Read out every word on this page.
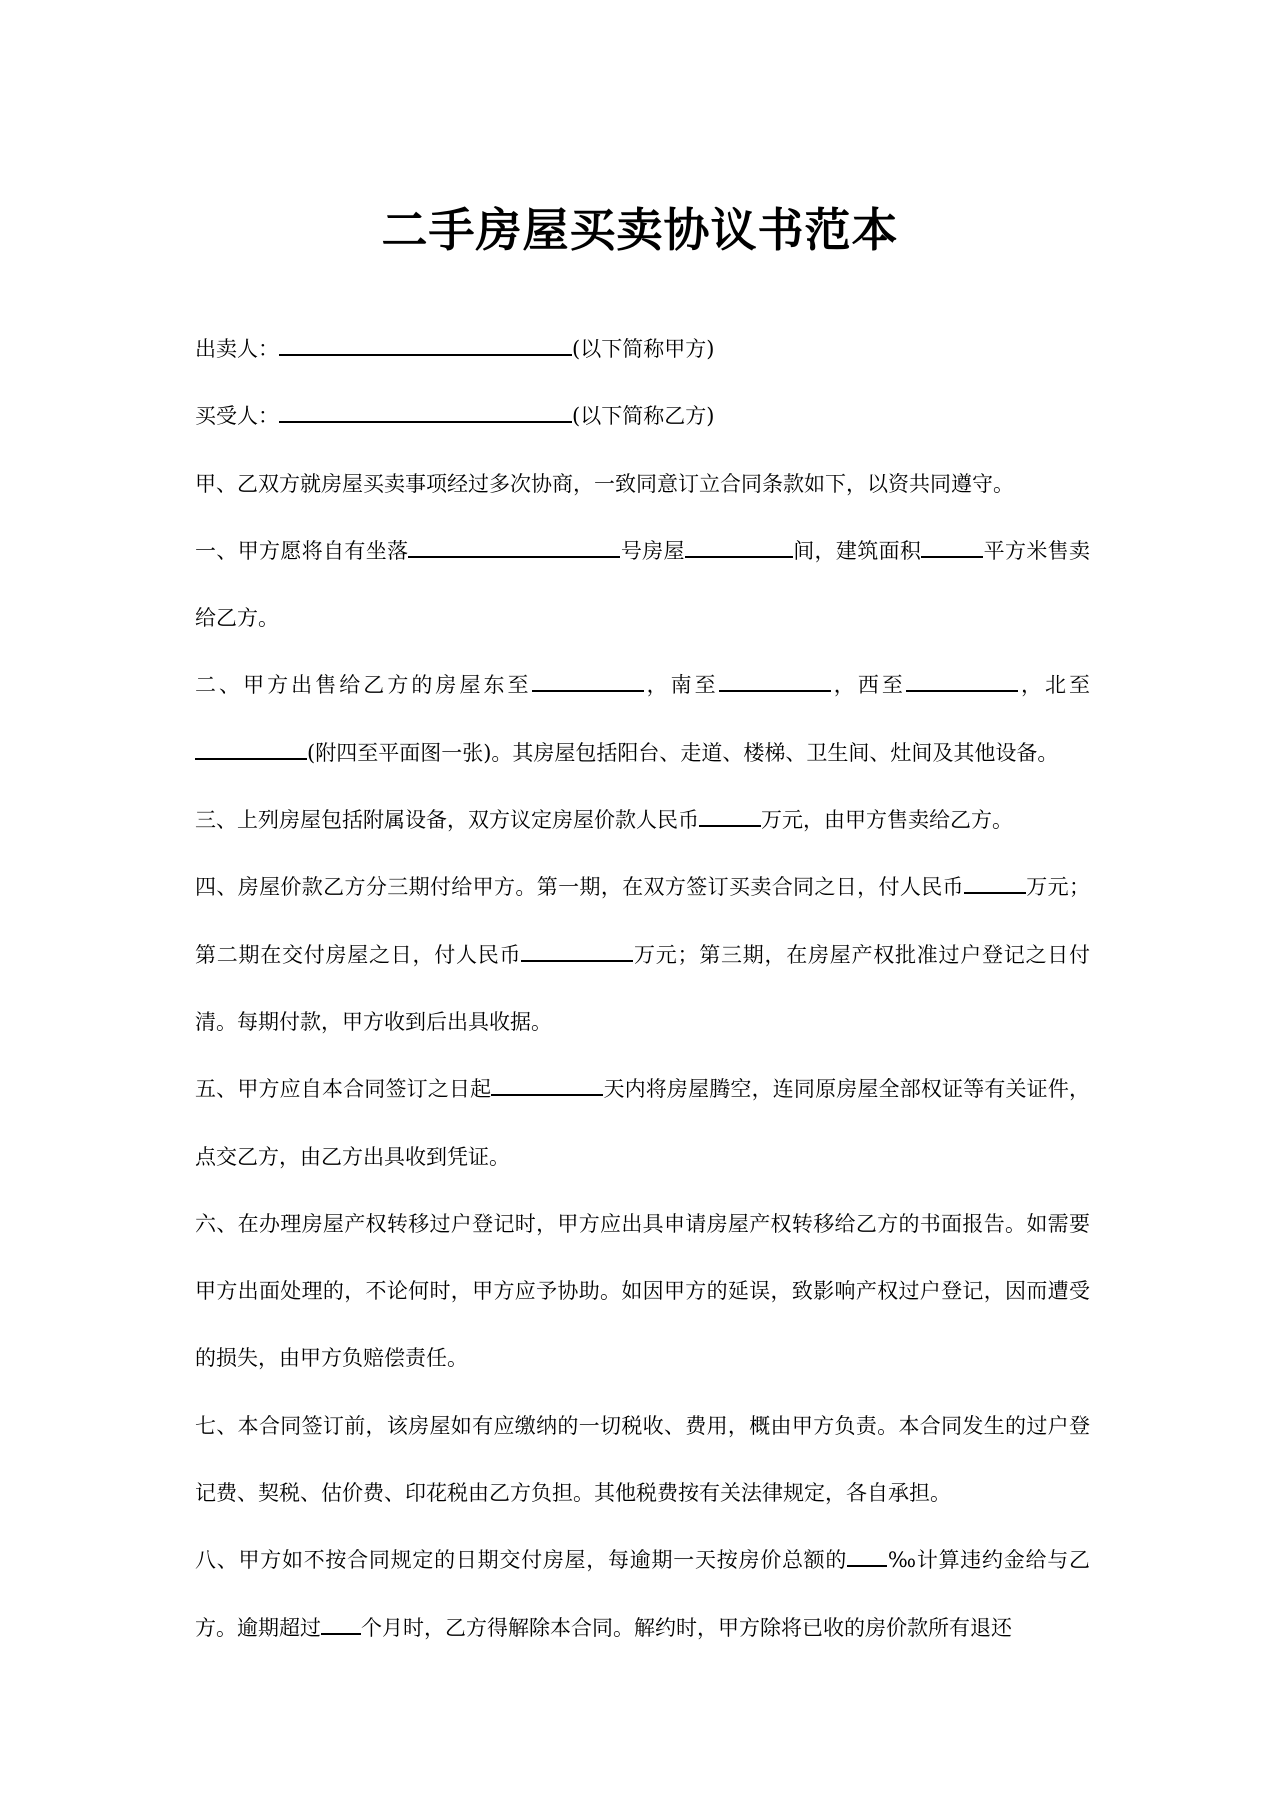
二手房屋买卖协议书范本

出卖人：	(以下简称甲方)

买受人：	(以下简称乙方)

甲、乙双方就房屋买卖事项经过多次协商，一致同意订立合同条款如下，以资共同遵守。

一、甲方愿将自有坐落	号房屋	间，建筑面积	平方米售卖给乙方。

二、甲方出售给乙方的房屋东至	，南至	，西至	，北至(附四至平面图一张)。其房屋包括阳台、走道、楼梯、卫生间、灶间及其他设备。

三、上列房屋包括附属设备，双方议定房屋价款人民币	万元，由甲方售卖给乙方。

四、房屋价款乙方分三期付给甲方。第一期，在双方签订买卖合同之日，付人民币	万元；第二期在交付房屋之日，付人民币	万元；第三期，在房屋产权批准过户登记之日付清。每期付款，甲方收到后出具收据。

五、甲方应自本合同签订之日起	天内将房屋腾空，连同原房屋全部权证等有关证件，点交乙方，由乙方出具收到凭证。

六、在办理房屋产权转移过户登记时，甲方应出具申请房屋产权转移给乙方的书面报告。如需要甲方出面处理的，不论何时，甲方应予协助。如因甲方的延误，致影响产权过户登记，因而遭受的损失，由甲方负赔偿责任。

七、本合同签订前，该房屋如有应缴纳的一切税收、费用，概由甲方负责。本合同发生的过户登记费、契税、估价费、印花税由乙方负担。其他税费按有关法律规定，各自承担。

八、甲方如不按合同规定的日期交付房屋，每逾期一天按房价总额的 ‰计算违约金给与乙方。逾期超过 个月时，乙方得解除本合同。解约时，甲方除将已收的房价款所有退还
